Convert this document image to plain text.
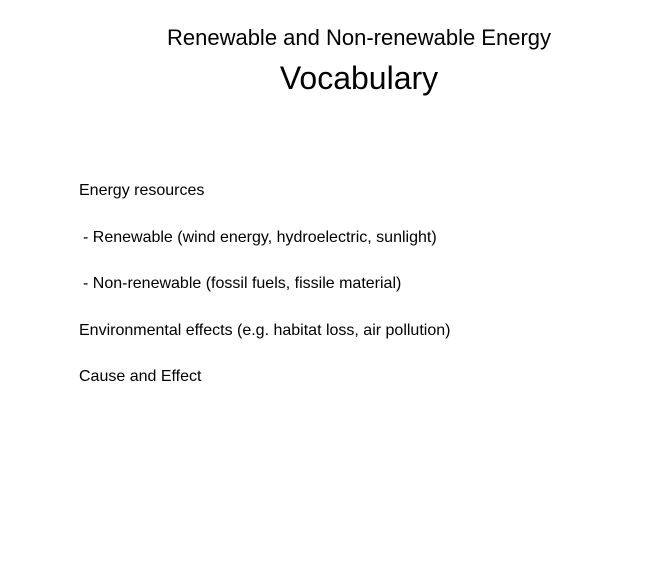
Renewable and Non-renewable Energy
Vocabulary
Energy resources
- Renewable (wind energy, hydroelectric, sunlight)
- Non-renewable (fossil fuels, fissile material)
Environmental effects (e.g. habitat loss, air pollution)
Cause and Effect
